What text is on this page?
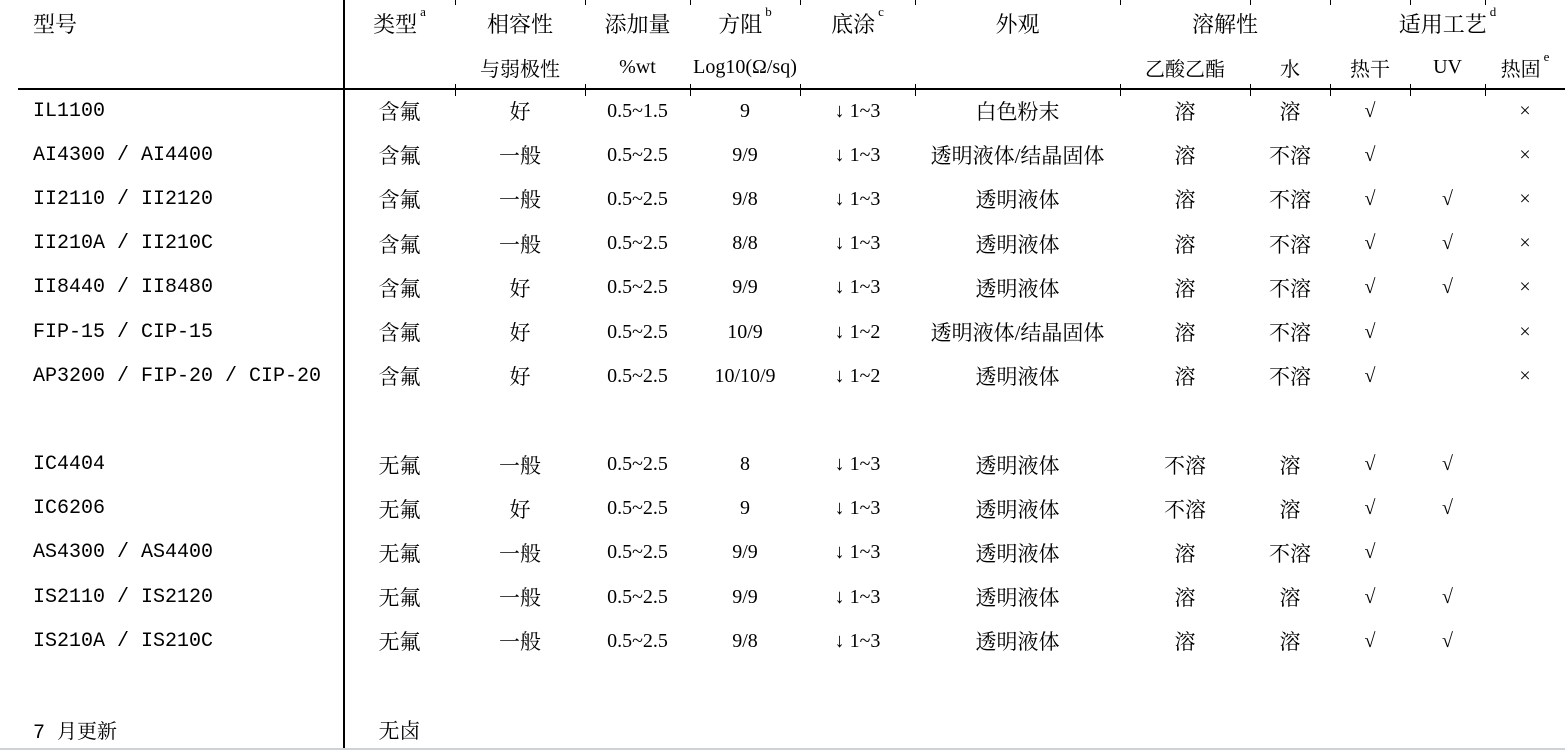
型号	类型 $^a$	相容性	添加量	方阻 $^b$	底涂 $^c$	外观	溶解性		适用工艺 $^d$
		与弱极性	%wt	Log10(Ω/sq)			乙酸乙酯	水	热干	UV	热固$^e$
IL1100	含氟	好	0.5~1.5	9	↓ 1~3	白色粉末	溶	溶	√		×
AI4300 / AI4400	含氟	一般	0.5~2.5	9/9	↓ 1~3	透明液体/结晶固体	溶	不溶	√		×
II2110 / II2120	含氟	一般	0.5~2.5	9/8	↓ 1~3	透明液体	溶	不溶	√	√	×
II210A / II210C	含氟	一般	0.5~2.5	8/8	↓ 1~3	透明液体	溶	不溶	√	√	×
II8440 / II8480	含氟	好	0.5~2.5	9/9	↓ 1~3	透明液体	溶	不溶	√	√	×
FIP-15 / CIP-15	含氟	好	0.5~2.5	10/9	↓ 1~2	透明液体/结晶固体	溶	不溶	√		×
AP3200 / FIP-20 / CIP-20	含氟	好	0.5~2.5	10/10/9	↓ 1~2	透明液体	溶	不溶	√		×

IC4404	无氟	一般	0.5~2.5	8	↓ 1~3	透明液体	不溶	溶	√	√	
IC6206	无氟	好	0.5~2.5	9	↓ 1~3	透明液体	不溶	溶	√	√	
AS4300 / AS4400	无氟	一般	0.5~2.5	9/9	↓ 1~3	透明液体	溶	不溶	√		
IS2110 / IS2120	无氟	一般	0.5~2.5	9/9	↓ 1~3	透明液体	溶	溶	√	√	
IS210A / IS210C	无氟	一般	0.5~2.5	9/8	↓ 1~3	透明液体	溶	溶	√	√	

7 月更新	无卤										
